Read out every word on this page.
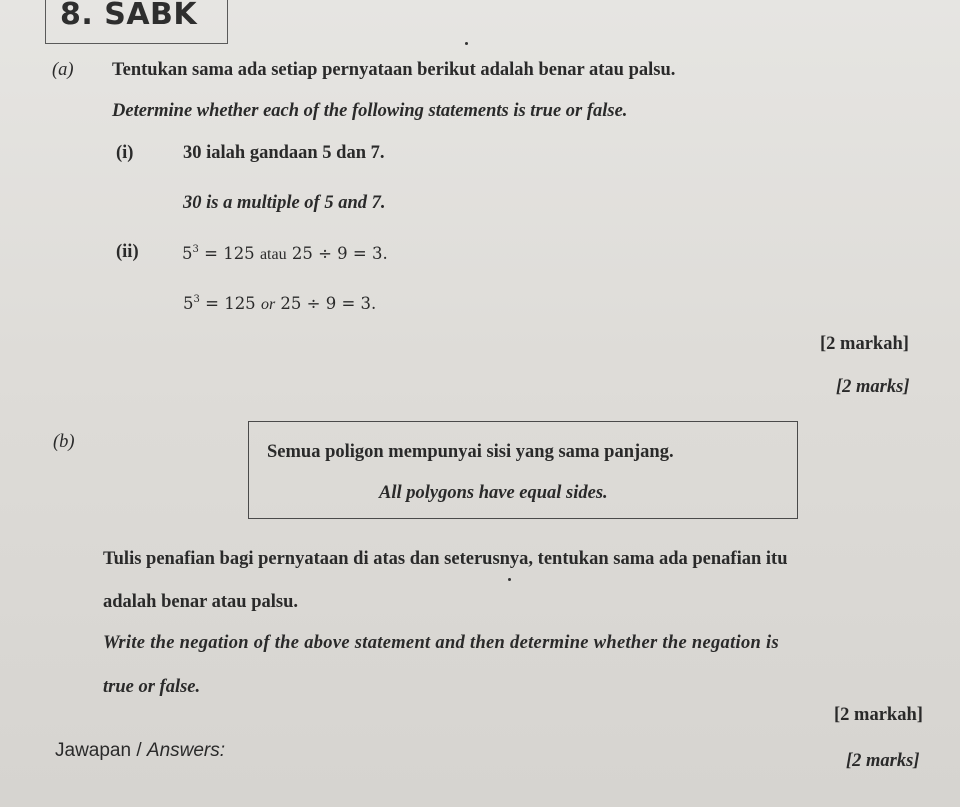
8. SABK
(a) Tentukan sama ada setiap pernyataan berikut adalah benar atau palsu.
Determine whether each of the following statements is true or false.
(i)	30 ialah gandaan 5 dan 7.
30 is a multiple of 5 and 7.
(ii)	$5^3 = 125$ atau 25 ÷ 9 = 3.
$5^3 = 125$ or 25 ÷ 9 = 3.
[2 markah]
[2 marks]
(b)	Semua poligon mempunyai sisi yang sama panjang.
All polygons have equal sides.
Tulis penafian bagi pernyataan di atas dan seterusnya, tentukan sama ada penafian itu
adalah benar atau palsu.
Write the negation of the above statement and then determine whether the negation is
true or false.
[2 markah]
[2 marks]
Jawapan / Answers:
